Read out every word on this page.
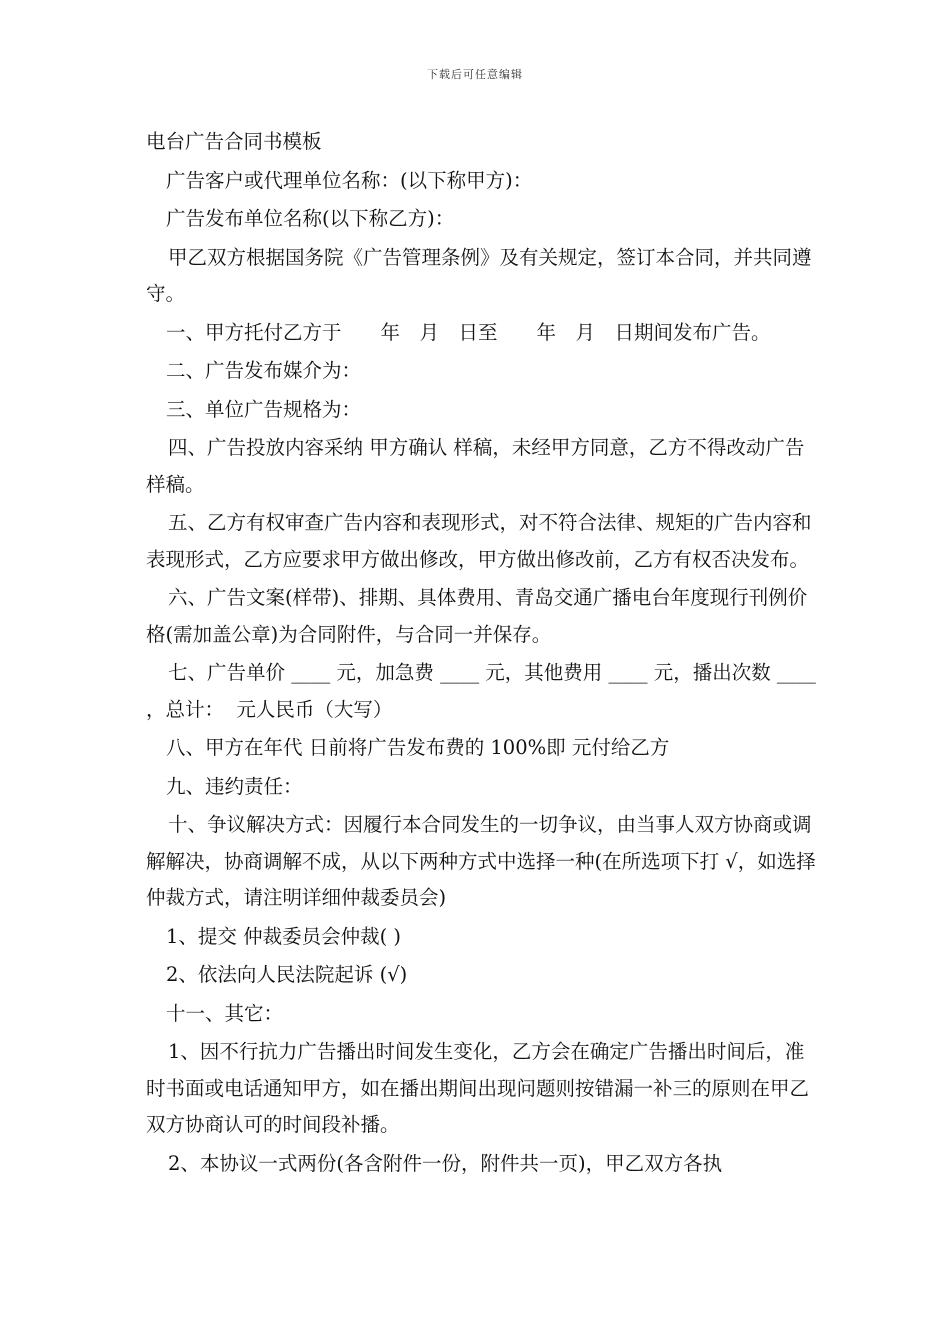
下载后可任意编辑
电台广告合同书模板
广告客户或代理单位名称：(以下称甲方)：
广告发布单位名称(以下称乙方)：
甲乙双方根据国务院《广告管理条例》及有关规定，签订本合同，并共同遵守。
一、甲方托付乙方于　　年　月　日至　　年　月　日期间发布广告。
二、广告发布媒介为：
三、单位广告规格为：
四、广告投放内容采纳 甲方确认 样稿，未经甲方同意，乙方不得改动广告样稿。
五、乙方有权审查广告内容和表现形式，对不符合法律、规矩的广告内容和表现形式，乙方应要求甲方做出修改，甲方做出修改前，乙方有权否决发布。
六、广告文案(样带)、排期、具体费用、青岛交通广播电台年度现行刊例价格(需加盖公章)为合同附件，与合同一并保存。
七、广告单价 ____ 元，加急费 ____ 元，其他费用 ____ 元，播出次数 ____ ，总计：  元人民币（大写）
八、甲方在年代 日前将广告发布费的 100%即 元付给乙方
九、违约责任：
十、争议解决方式：因履行本合同发生的一切争议，由当事人双方协商或调解解决，协商调解不成，从以下两种方式中选择一种(在所选项下打 √，如选择仲裁方式，请注明详细仲裁委员会)
1、提交 仲裁委员会仲裁( )
2、依法向人民法院起诉 (√)
十一、其它：
1、因不行抗力广告播出时间发生变化，乙方会在确定广告播出时间后，准时书面或电话通知甲方，如在播出期间出现问题则按错漏一补三的原则在甲乙双方协商认可的时间段补播。
2、本协议一式两份(各含附件一份，附件共一页)，甲乙双方各执
